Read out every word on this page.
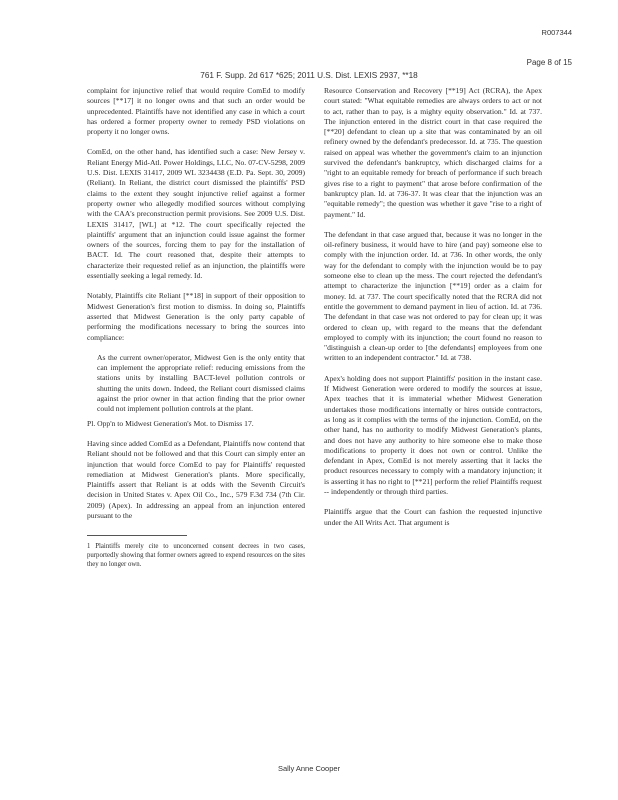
R007344
Page 8 of 15
761 F. Supp. 2d 617 *625; 2011 U.S. Dist. LEXIS 2937, **18

complaint for injunctive relief that would require ComEd to modify sources [**17] it no longer owns and that such an order would be unprecedented. Plaintiffs have not identified any case in which a court has ordered a former property owner to remedy PSD violations on property it no longer owns.

ComEd, on the other hand, has identified such a case: New Jersey v. Reliant Energy Mid-Atl. Power Holdings, LLC, No. 07-CV-5298, 2009 U.S. Dist. LEXIS 31417, 2009 WL 3234438 (E.D. Pa. Sept. 30, 2009) (Reliant). In Reliant, the district court dismissed the plaintiffs' PSD claims to the extent they sought injunctive relief against a former property owner who allegedly modified sources without complying with the CAA's preconstruction permit provisions. See 2009 U.S. Dist. LEXIS 31417, [WL] at *12. The court specifically rejected the plaintiffs' argument that an injunction could issue against the former owners of the sources, forcing them to pay for the installation of BACT. Id. The court reasoned that, despite their attempts to characterize their requested relief as an injunction, the plaintiffs were essentially seeking a legal remedy. Id.

Notably, Plaintiffs cite Reliant [**18] in support of their opposition to Midwest Generation's first motion to dismiss. In doing so, Plaintiffs asserted that Midwest Generation is the only party capable of performing the modifications necessary to bring the sources into compliance:

As the current owner/operator, Midwest Gen is the only entity that can implement the appropriate relief: reducing emissions from the stations units by installing BACT-level pollution controls or shutting the units down. Indeed, the Reliant court dismissed claims against the prior owner in that action finding that the prior owner could not implement pollution controls at the plant.

Pl. Opp'n to Midwest Generation's Mot. to Dismiss 17.

Having since added ComEd as a Defendant, Plaintiffs now contend that Reliant should not be followed and that this Court can simply enter an injunction that would force ComEd to pay for Plaintiffs' requested remediation at Midwest Generation's plants. More specifically, Plaintiffs assert that Reliant is at odds with the Seventh Circuit's decision in United States v. Apex Oil Co., Inc., 579 F.3d 734 (7th Cir. 2009) (Apex). In addressing an appeal from an injunction entered pursuant to the

1 Plaintiffs merely cite to unconcerned consent decrees in two cases, purportedly showing that former owners agreed to expend resources on the sites they no longer own.

Resource Conservation and Recovery [**19] Act (RCRA), the Apex court stated: "What equitable remedies are always orders to act or not to act, rather than to pay, is a mighty equity observation." Id. at 737. The injunction entered in the district court in that case required the [**20] defendant to clean up a site that was contaminated by an oil refinery owned by the defendant's predecessor. Id. at 735. The question raised on appeal was whether the government's claim to an injunction survived the defendant's bankruptcy, which discharged claims for a "right to an equitable remedy for breach of performance if such breach gives rise to a right to payment" that arose before confirmation of the bankruptcy plan. Id. at 736-37. It was clear that the injunction was an "equitable remedy"; the question was whether it gave "rise to a right of payment." Id.

The defendant in that case argued that, because it was no longer in the oil-refinery business, it would have to hire (and pay) someone else to comply with the injunction order. Id. at 736. In other words, the only way for the defendant to comply with the injunction would be to pay someone else to clean up the mess. The court rejected the defendant's attempt to characterize the injunction [**19] order as a claim for money. Id. at 737. The court specifically noted that the RCRA did not entitle the government to demand payment in lieu of action. Id. at 736. The defendant in that case was not ordered to pay for clean up; it was ordered to clean up, with regard to the means that the defendant employed to comply with its injunction; the court found no reason to "distinguish a clean-up order to [the defendants] employees from one written to an independent contractor." Id. at 738.

Apex's holding does not support Plaintiffs' position in the instant case. If Midwest Generation were ordered to modify the sources at issue, Apex teaches that it is immaterial whether Midwest Generation undertakes those modifications internally or hires outside contractors, as long as it complies with the terms of the injunction. ComEd, on the other hand, has no authority to modify Midwest Generation's plants, and does not have any authority to hire someone else to make those modifications to property it does not own or control. Unlike the defendant in Apex, ComEd is not merely asserting that it lacks the product resources necessary to comply with a mandatory injunction; it is asserting it has no right to [**21] perform the relief Plaintiffs request -- independently or through third parties.

Plaintiffs argue that the Court can fashion the requested injunctive under the All Writs Act. That argument is

Sally Anne Cooper
